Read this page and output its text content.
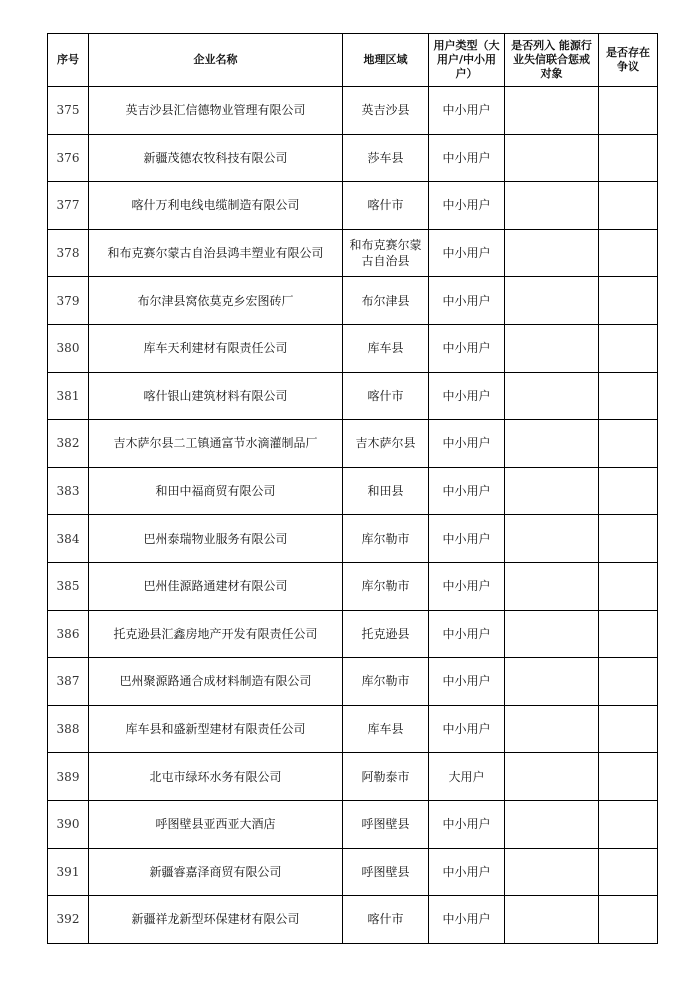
序号	企业名称	地理区域	用户类型（大用户/中小用户）	是否列入 能源行业失信联合惩戒对象	是否存在争议
375	英吉沙县汇信德物业管理有限公司	英吉沙县	中小用户		
376	新疆茂德农牧科技有限公司	莎车县	中小用户		
377	喀什万利电线电缆制造有限公司	喀什市	中小用户		
378	和布克赛尔蒙古自治县鸿丰塑业有限公司	和布克赛尔蒙古自治县	中小用户		
379	布尔津县窝依莫克乡宏图砖厂	布尔津县	中小用户		
380	库车天利建材有限责任公司	库车县	中小用户		
381	喀什银山建筑材料有限公司	喀什市	中小用户		
382	吉木萨尔县二工镇通富节水滴灌制品厂	吉木萨尔县	中小用户		
383	和田中福商贸有限公司	和田县	中小用户		
384	巴州泰瑞物业服务有限公司	库尔勒市	中小用户		
385	巴州佳源路通建材有限公司	库尔勒市	中小用户		
386	托克逊县汇鑫房地产开发有限责任公司	托克逊县	中小用户		
387	巴州聚源路通合成材料制造有限公司	库尔勒市	中小用户		
388	库车县和盛新型建材有限责任公司	库车县	中小用户		
389	北屯市绿环水务有限公司	阿勒泰市	大用户		
390	呼图壁县亚西亚大酒店	呼图壁县	中小用户		
391	新疆睿嘉泽商贸有限公司	呼图壁县	中小用户		
392	新疆祥龙新型环保建材有限公司	喀什市	中小用户		
